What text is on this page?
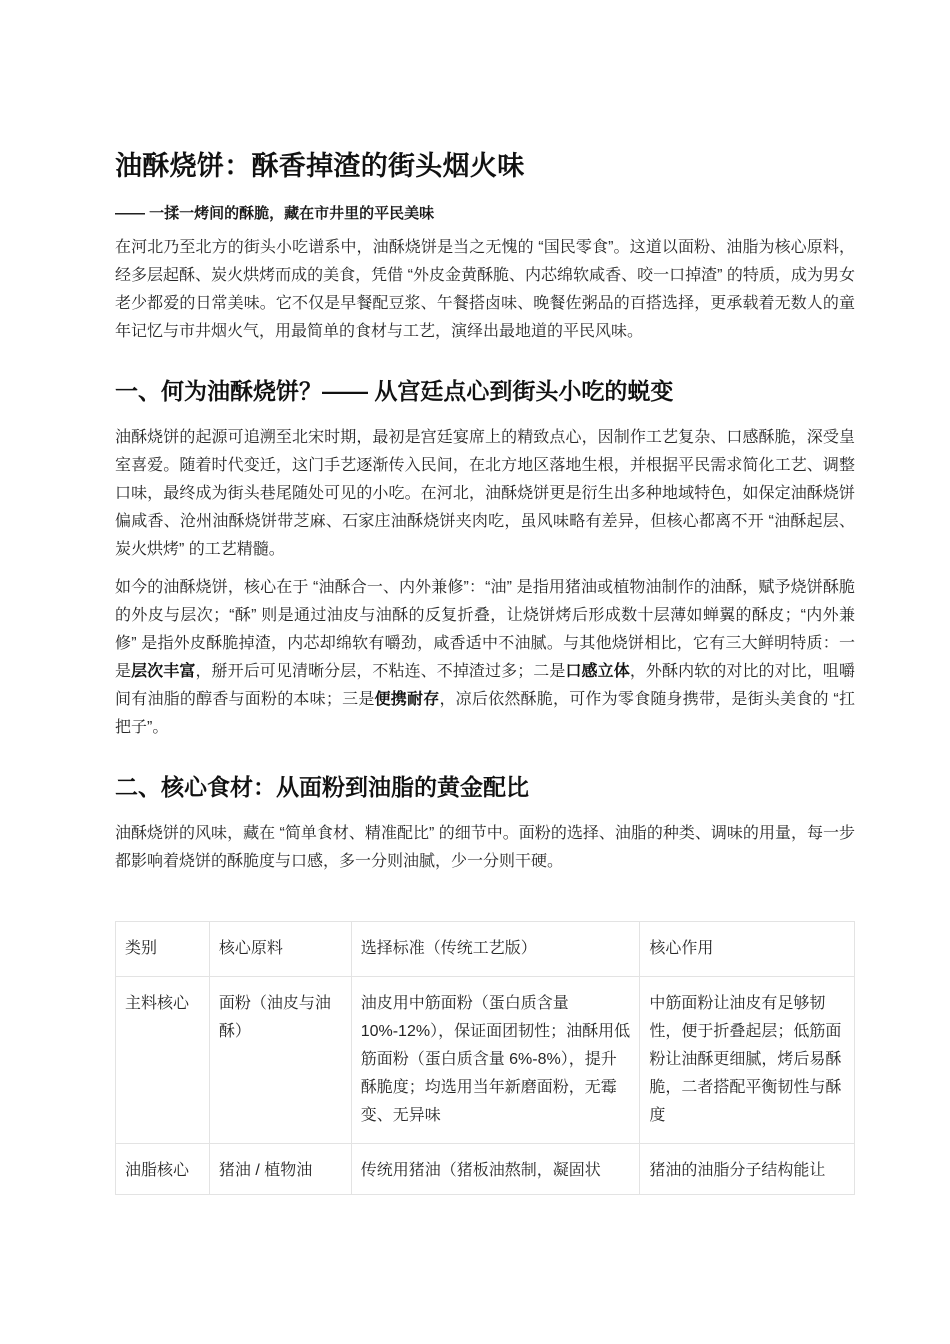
油酥烧饼：酥香掉渣的街头烟火味
—— 一揉一烤间的酥脆，藏在市井里的平民美味

在河北乃至北方的街头小吃谱系中，油酥烧饼是当之无愧的 “国民零食”。这道以面粉、油脂为核心原料，经多层起酥、炭火烘烤而成的美食，凭借 “外皮金黄酥脆、内芯绵软咸香、咬一口掉渣” 的特质，成为男女老少都爱的日常美味。它不仅是早餐配豆浆、午餐搭卤味、晚餐佐粥品的百搭选择，更承载着无数人的童年记忆与市井烟火气，用最简单的食材与工艺，演绎出最地道的平民风味。

一、何为油酥烧饼？—— 从宫廷点心到街头小吃的蜕变

油酥烧饼的起源可追溯至北宋时期，最初是宫廷宴席上的精致点心，因制作工艺复杂、口感酥脆，深受皇室喜爱。随着时代变迁，这门手艺逐渐传入民间，在北方地区落地生根，并根据平民需求简化工艺、调整口味，最终成为街头巷尾随处可见的小吃。在河北，油酥烧饼更是衍生出多种地域特色，如保定油酥烧饼偏咸香、沧州油酥烧饼带芝麻、石家庄油酥烧饼夹肉吃，虽风味略有差异，但核心都离不开 “油酥起层、炭火烘烤” 的工艺精髓。

如今的油酥烧饼，核心在于 “油酥合一、内外兼修”：“油” 是指用猪油或植物油制作的油酥，赋予烧饼酥脆的外皮与层次；“酥” 则是通过油皮与油酥的反复折叠，让烧饼烤后形成数十层薄如蝉翼的酥皮；“内外兼修” 是指外皮酥脆掉渣，内芯却绵软有嚼劲，咸香适中不油腻。与其他烧饼相比，它有三大鲜明特质：一是层次丰富，掰开后可见清晰分层，不粘连、不掉渣过多；二是口感立体，外酥内软的对比的对比，咀嚼间有油脂的醇香与面粉的本味；三是便携耐存，凉后依然酥脆，可作为零食随身携带，是街头美食的 “扛把子”。

二、核心食材：从面粉到油脂的黄金配比

油酥烧饼的风味，藏在 “简单食材、精准配比” 的细节中。面粉的选择、油脂的种类、调味的用量，每一步都影响着烧饼的酥脆度与口感，多一分则油腻，少一分则干硬。

类别	核心原料	选择标准（传统工艺版）	核心作用
主料核心	面粉（油皮与油酥）	油皮用中筋面粉（蛋白质含量 10%-12%），保证面团韧性；油酥用低筋面粉（蛋白质含量 6%-8%），提升酥脆度；均选用当年新磨面粉，无霉变、无异味	中筋面粉让油皮有足够韧性，便于折叠起层；低筋面粉让油酥更细腻，烤后易酥脆，二者搭配平衡韧性与酥度
油脂核心	猪油 / 植物油	传统用猪油（猪板油熬制，凝固状	猪油的油脂分子结构能让
